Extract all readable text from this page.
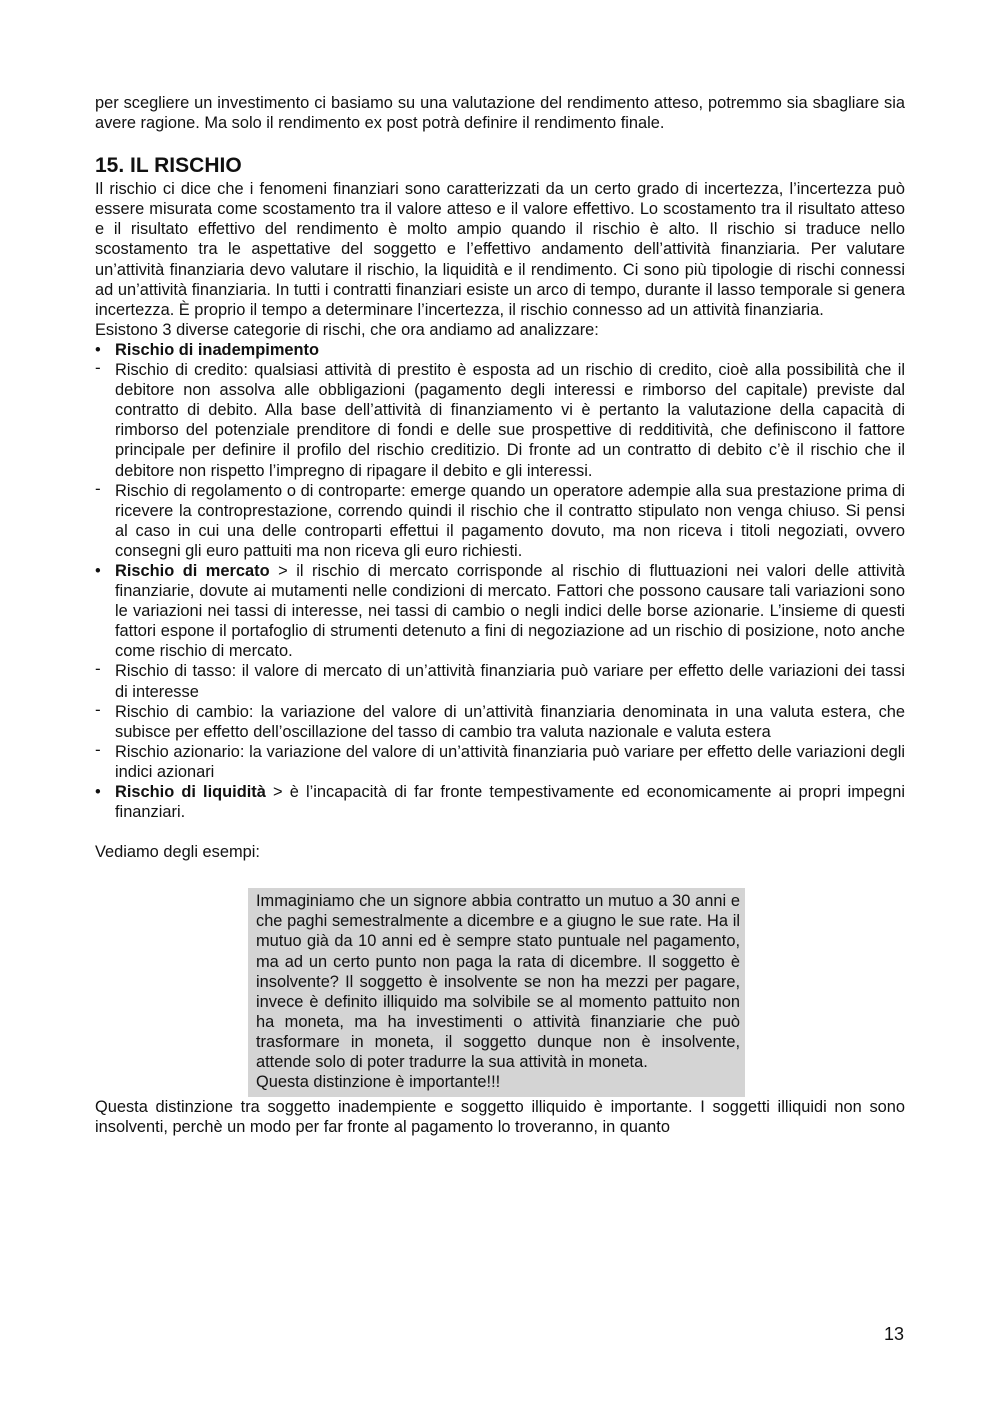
per scegliere un investimento ci basiamo su una valutazione del rendimento atteso, potremmo sia sbagliare sia avere ragione. Ma solo il rendimento ex post potrà definire il rendimento finale.

15. IL RISCHIO

Il rischio ci dice che i fenomeni finanziari sono caratterizzati da un certo grado di incertezza, l’incertezza può essere misurata come scostamento tra il valore atteso e il valore effettivo. Lo scostamento tra il risultato atteso e il risultato effettivo del rendimento è molto ampio quando il rischio è alto. Il rischio si traduce nello scostamento tra le aspettative del soggetto e l’effettivo andamento dell’attività finanziaria. Per valutare un’attività finanziaria devo valutare il rischio, la liquidità e il rendimento. Ci sono più tipologie di rischi connessi ad un’attività finanziaria. In tutti i contratti finanziari esiste un arco di tempo, durante il lasso temporale si genera incertezza. È proprio il tempo a determinare l’incertezza, il rischio connesso ad un attività finanziaria.

Esistono 3 diverse categorie di rischi, che ora andiamo ad analizzare:

• Rischio di inadempimento
- Rischio di credito: qualsiasi attività di prestito è esposta ad un rischio di credito, cioè alla possibilità che il debitore non assolva alle obbligazioni (pagamento degli interessi e rimborso del capitale) previste dal contratto di debito. Alla base dell’attività di finanziamento vi è pertanto la valutazione della capacità di rimborso del potenziale prenditore di fondi e delle sue prospettive di redditività, che definiscono il fattore principale per definire il profilo del rischio creditizio. Di fronte ad un contratto di debito c’è il rischio che il debitore non rispetto l’impregno di ripagare il debito e gli interessi.
- Rischio di regolamento o di controparte: emerge quando un operatore adempie alla sua prestazione prima di ricevere la controprestazione, correndo quindi il rischio che il contratto stipulato non venga chiuso. Si pensi al caso in cui una delle controparti effettui il pagamento dovuto, ma non riceva i titoli negoziati, ovvero consegni gli euro pattuiti ma non riceva gli euro richiesti.
• Rischio di mercato > il rischio di mercato corrisponde al rischio di fluttuazioni nei valori delle attività finanziarie, dovute ai mutamenti nelle condizioni di mercato. Fattori che possono causare tali variazioni sono le variazioni nei tassi di interesse, nei tassi di cambio o negli indici delle borse azionarie. L’insieme di questi fattori espone il portafoglio di strumenti detenuto a fini di negoziazione ad un rischio di posizione, noto anche come rischio di mercato.
- Rischio di tasso: il valore di mercato di un’attività finanziaria può variare per effetto delle variazioni dei tassi di interesse
- Rischio di cambio: la variazione del valore di un’attività finanziaria denominata in una valuta estera, che subisce per effetto dell’oscillazione del tasso di cambio tra valuta nazionale e valuta estera
- Rischio azionario: la variazione del valore di un’attività finanziaria può variare per effetto delle variazioni degli indici azionari
• Rischio di liquidità > è l’incapacità di far fronte tempestivamente ed economicamente ai propri impegni finanziari.

Vediamo degli esempi:

Immaginiamo che un signore abbia contratto un mutuo a 30 anni e che paghi semestralmente a dicembre e a giugno le sue rate. Ha il mutuo già da 10 anni ed è sempre stato puntuale nel pagamento, ma ad un certo punto non paga la rata di dicembre. Il soggetto è insolvente? Il soggetto è insolvente se non ha mezzi per pagare, invece è definito illiquido ma solvibile se al momento pattuito non ha moneta, ma ha investimenti o attività finanziarie che può trasformare in moneta, il soggetto dunque non è insolvente, attende solo di poter tradurre la sua attività in moneta.

Questa distinzione è importante!!!

Questa distinzione tra soggetto inadempiente e soggetto illiquido è importante. I soggetti illiquidi non sono insolventi, perchè un modo per far fronte al pagamento lo troveranno, in quanto

13
